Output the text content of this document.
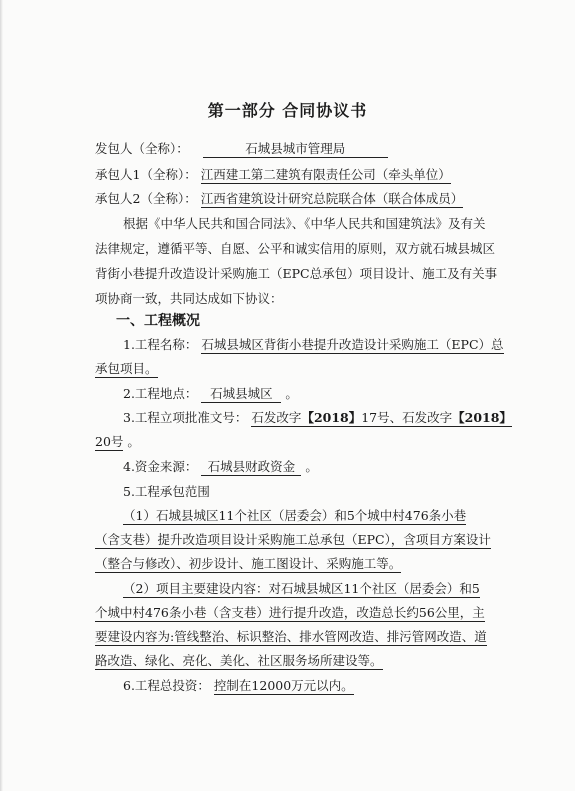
第一部分 合同协议书
发包人（全称）：	石城县城市管理局
承包人1（全称）： 江西建工第二建筑有限责任公司（牵头单位）
承包人2（全称）： 江西省建筑设计研究总院联合体（联合体成员）
根据《中华人民共和国合同法》、《中华人民共和国建筑法》及有关
法律规定，遵循平等、自愿、公平和诚实信用的原则，双方就石城县城区
背街小巷提升改造设计采购施工（EPC总承包）项目设计、施工及有关事
项协商一致，共同达成如下协议：
一、工程概况
1.工程名称： 石城县城区背街小巷提升改造设计采购施工（EPC）总
承包项目。
2.工程地点： 石城县城区 。
3.工程立项批准文号： 石发改字【2018】17号、石发改字【2018】
20号 。
4.资金来源： 石城县财政资金 。
5.工程承包范围
（1）石城县城区11个社区（居委会）和5个城中村476条小巷
（含支巷）提升改造项目设计采购施工总承包（EPC），含项目方案设计
（整合与修改）、初步设计、施工图设计、采购施工等。
（2）项目主要建设内容：对石城县城区11个社区（居委会）和5
个城中村476条小巷（含支巷）进行提升改造，改造总长约56公里，主
要建设内容为:管线整治、标识整治、排水管网改造、排污管网改造、道
路改造、绿化、亮化、美化、社区服务场所建设等。
6.工程总投资： 控制在12000万元以内。
